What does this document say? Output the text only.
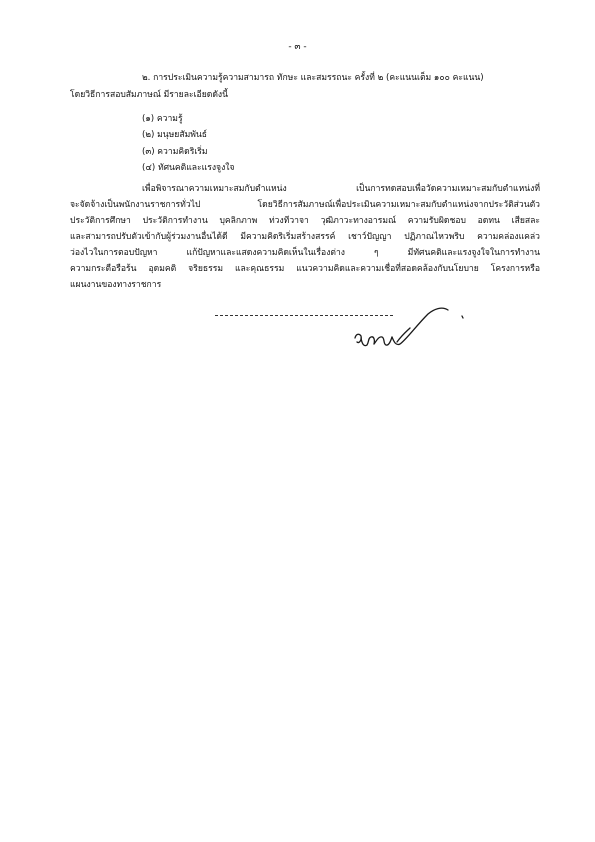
- ๓ -
๒. การประเมินความรู้ความสามารถ ทักษะ และสมรรถนะ ครั้งที่ ๒ (คะแนนเต็ม ๑๐๐ คะแนน)
โดยวิธีการสอบสัมภาษณ์ มีรายละเอียดดังนี้
(๑) ความรู้
(๒) มนุษยสัมพันธ์
(๓) ความคิดริเริ่ม
(๔) ทัศนคติและแรงจูงใจ
เพื่อพิจารณาความเหมาะสมกับตำแหน่ง เป็นการทดสอบเพื่อวัดความเหมาะสมกับตำแหน่งที่
จะจัดจ้างเป็นพนักงานราชการทั่วไป โดยวิธีการสัมภาษณ์เพื่อประเมินความเหมาะสมกับตำแหน่งจากประวัติส่วนตัว
ประวัติการศึกษา ประวัติการทำงาน บุคลิกภาพ ท่วงทีวาจา วุฒิภาวะทางอารมณ์ ความรับผิดชอบ อดทน เสียสละ
และสามารถปรับตัวเข้ากับผู้ร่วมงานอื่นได้ดี มีความคิดริเริ่มสร้างสรรค์ เชาว์ปัญญา ปฏิภาณไหวพริบ ความคล่องแคล่ว
ว่องไวในการตอบปัญหา แก้ปัญหาและแสดงความคิดเห็นในเรื่องต่าง ๆ มีทัศนคติและแรงจูงใจในการทำงาน
ความกระตือรือร้น อุดมคติ จริยธรรม และคุณธรรม แนวความคิดและความเชื่อที่สอดคล้องกับนโยบาย โครงการหรือ
แผนงานของทางราชการ
